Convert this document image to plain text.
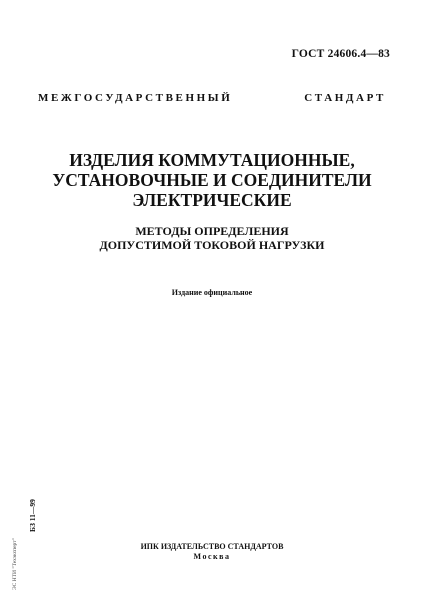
ГОСТ 24606.4—83
МЕЖГОСУДАРСТВЕННЫЙ СТАНДАРТ
ИЗДЕЛИЯ КОММУТАЦИОННЫЕ,
УСТАНОВОЧНЫЕ И СОЕДИНИТЕЛИ
ЭЛЕКТРИЧЕСКИЕ
МЕТОДЫ ОПРЕДЕЛЕНИЯ
ДОПУСТИМОЙ ТОКОВОЙ НАГРУЗКИ
Издание официальное
БЗ 11—99
ЭС НТИ "Техэксперт"	ИПК ИЗДАТЕЛЬСТВО СТАНДАРТОВ
Москва
